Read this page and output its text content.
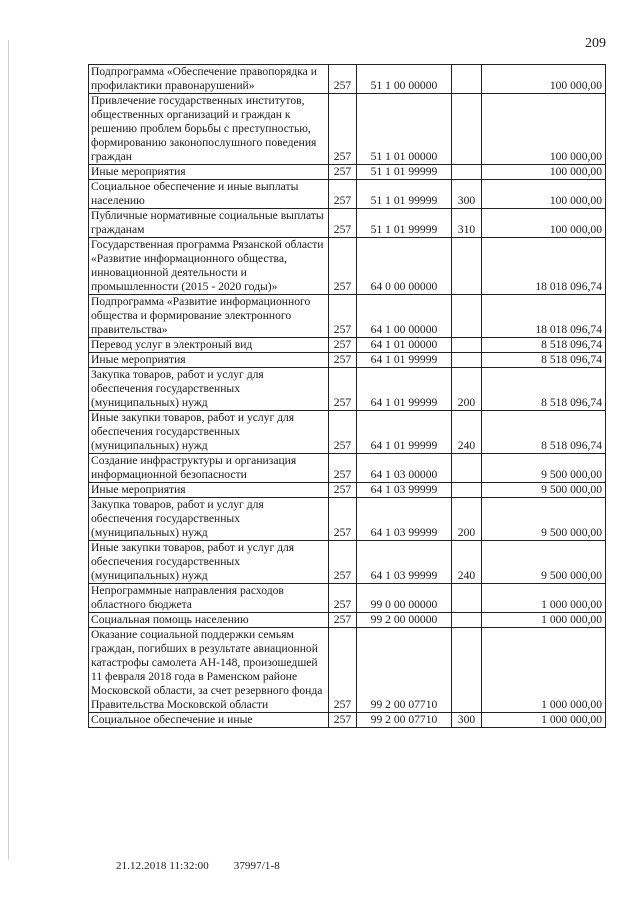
209
Подпрограмма «Обеспечение правопорядка и профилактики правонарушений»	257	51 1 00 00000		100 000,00
Привлечение государственных институтов, общественных организаций и граждан к решению проблем борьбы с преступностью, формированию законопослушного поведения граждан	257	51 1 01 00000		100 000,00
Иные мероприятия	257	51 1 01 99999		100 000,00
Социальное обеспечение и иные выплаты населению	257	51 1 01 99999	300	100 000,00
Публичные нормативные социальные выплаты гражданам	257	51 1 01 99999	310	100 000,00
Государственная программа Рязанской области «Развитие информационного общества, инновационной деятельности и промышленности (2015 - 2020 годы)»	257	64 0 00 00000		18 018 096,74
Подпрограмма «Развитие информационного общества и формирование электронного правительства»	257	64 1 00 00000		18 018 096,74
Перевод услуг в электроный вид	257	64 1 01 00000		8 518 096,74
Иные мероприятия	257	64 1 01 99999		8 518 096,74
Закупка товаров, работ и услуг для обеспечения государственных (муниципальных) нужд	257	64 1 01 99999	200	8 518 096,74
Иные закупки товаров, работ и услуг для обеспечения государственных (муниципальных) нужд	257	64 1 01 99999	240	8 518 096,74
Создание инфраструктуры и организация информационной безопасности	257	64 1 03 00000		9 500 000,00
Иные мероприятия	257	64 1 03 99999		9 500 000,00
Закупка товаров, работ и услуг для обеспечения государственных (муниципальных) нужд	257	64 1 03 99999	200	9 500 000,00
Иные закупки товаров, работ и услуг для обеспечения государственных (муниципальных) нужд	257	64 1 03 99999	240	9 500 000,00
Непрограммные направления расходов областного бюджета	257	99 0 00 00000		1 000 000,00
Социальная помощь населению	257	99 2 00 00000		1 000 000,00
Оказание социальной поддержки семьям граждан, погибших в результате авиационной катастрофы самолета АН-148, произошедшей 11 февраля 2018 года в Раменском районе Московской области, за счет резервного фонда Правительства Московской области	257	99 2 00 07710		1 000 000,00
Социальное обеспечение и иные	257	99 2 00 07710	300	1 000 000,00
21.12.2018 11:32:00 37997/1-8
